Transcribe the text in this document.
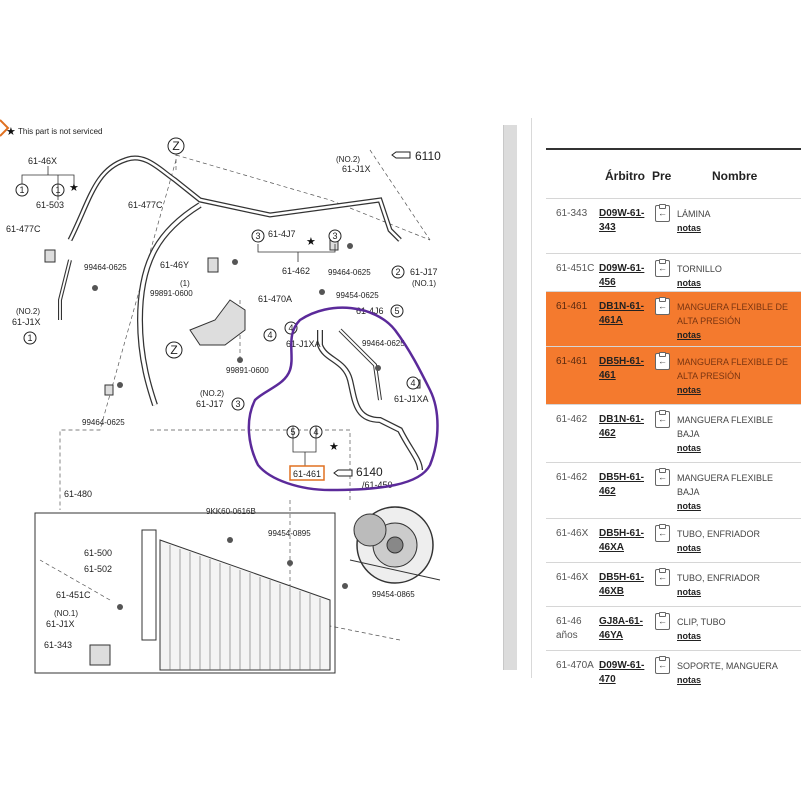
★ This part is not serviced
1	1
1
Z
Z
3	3
2
5
4
3
5 4
4
4
★
★
★
61-46X
61-503
61-477C
61-477C
(NO.2)
61-J1X
99464-0625	61-46Y
(1)
99891-0600
61-470A
61-4J7
61-462 99464-0625	61-J17
(NO.1)
6110
(NO.2)
61-J1X
99454-0625
61-4J6
61-J1XA	99464-0625
99891-0600
61-J1XA
99464-0625
(NO.2)
61-J17
6140
/61-450
61-480
9KK60-0616B
99454-0895
61-500
61-502
61-451C
(NO.1)
61-J1X
61-343
99454-0865
61-461
Árbitro Pre	Nombre
61-343	D09W-61-343
←
LÁMINA
notas
61-451C D09W-61-456
←
TORNILLO
notas
61-461	DB1N-61-461A
←
MANGUERA FLEXIBLE DE ALTA PRESIÓN
notas
61-461	DB5H-61-461
←
MANGUERA FLEXIBLE DE ALTA PRESIÓN
notas
61-462	DB1N-61-462
←
MANGUERA FLEXIBLE BAJA
notas
61-462	DB5H-61-462
←
MANGUERA FLEXIBLE BAJA
notas
61-46X	DB5H-61-46XA
←
TUBO, ENFRIADOR
notas
61-46X	DB5H-61-46XB
←
TUBO, ENFRIADOR
notas
61-46 años
GJ8A-61-46YA
←
CLIP, TUBO
notas
61-470A D09W-61-470
←
SOPORTE, MANGUERA
notas
